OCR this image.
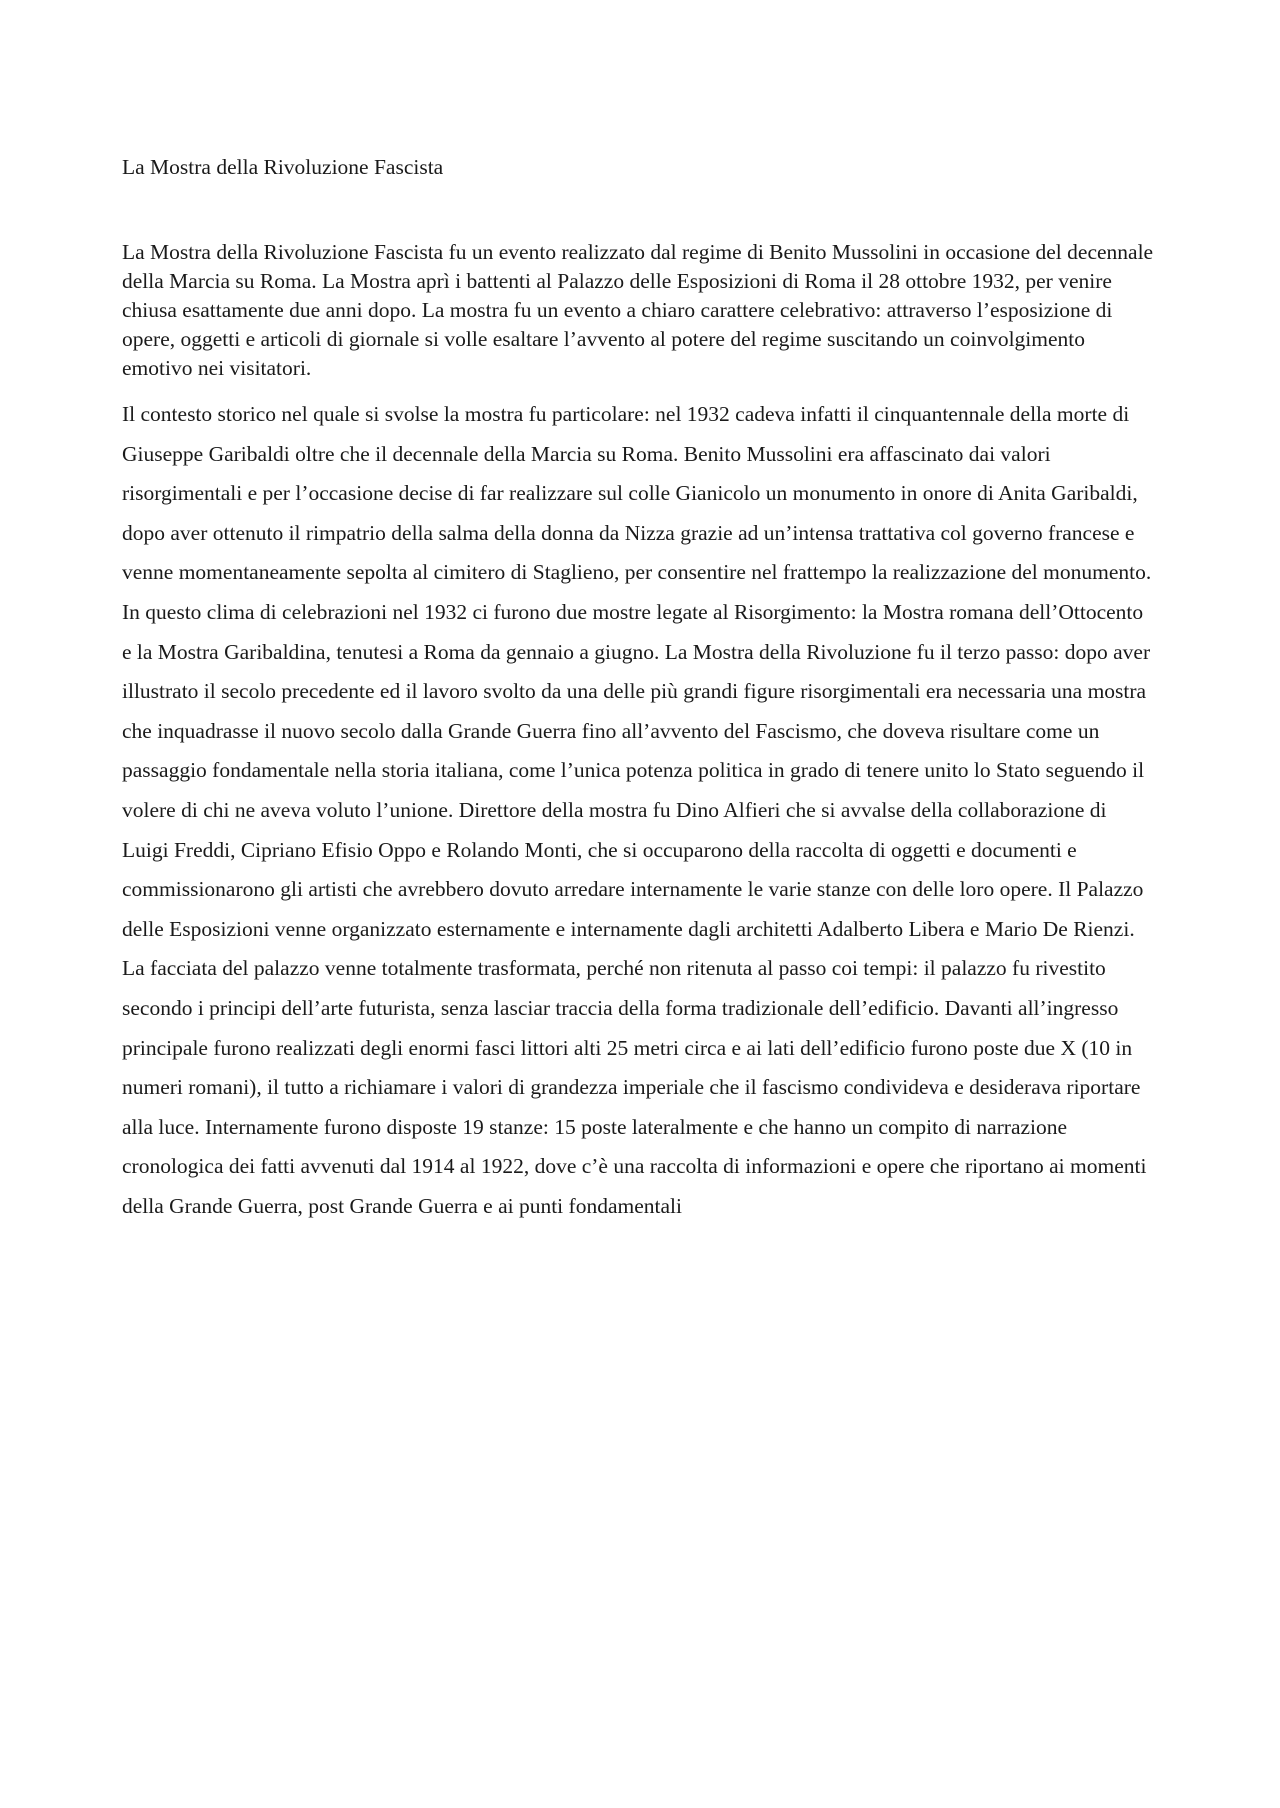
La Mostra della Rivoluzione Fascista

La Mostra della Rivoluzione Fascista fu un evento realizzato dal regime di Benito Mussolini in occasione del decennale della Marcia su Roma. La Mostra aprì i battenti al Palazzo delle Esposizioni di Roma il 28 ottobre 1932, per venire chiusa esattamente due anni dopo. La mostra fu un evento a chiaro carattere celebrativo: attraverso l’esposizione di opere, oggetti e articoli di giornale si volle esaltare l’avvento al potere del regime suscitando un coinvolgimento emotivo nei visitatori.

Il contesto storico nel quale si svolse la mostra fu particolare: nel 1932 cadeva infatti il cinquantennale della morte di Giuseppe Garibaldi oltre che il decennale della Marcia su Roma. Benito Mussolini era affascinato dai valori risorgimentali e per l’occasione decise di far realizzare sul colle Gianicolo un monumento in onore di Anita Garibaldi, dopo aver ottenuto il rimpatrio della salma della donna da Nizza grazie ad un’intensa trattativa col governo francese e venne momentaneamente sepolta al cimitero di Staglieno, per consentire nel frattempo la realizzazione del monumento. In questo clima di celebrazioni nel 1932 ci furono due mostre legate al Risorgimento: la Mostra romana dell’Ottocento e la Mostra Garibaldina, tenutesi a Roma da gennaio a giugno. La Mostra della Rivoluzione fu il terzo passo: dopo aver illustrato il secolo precedente ed il lavoro svolto da una delle più grandi figure risorgimentali era necessaria una mostra che inquadrasse il nuovo secolo dalla Grande Guerra fino all’avvento del Fascismo, che doveva risultare come un passaggio fondamentale nella storia italiana, come l’unica potenza politica in grado di tenere unito lo Stato seguendo il volere di chi ne aveva voluto l’unione. Direttore della mostra fu Dino Alfieri che si avvalse della collaborazione di Luigi Freddi, Cipriano Efisio Oppo e Rolando Monti, che si occuparono della raccolta di oggetti e documenti e commissionarono gli artisti che avrebbero dovuto arredare internamente le varie stanze con delle loro opere. Il Palazzo delle Esposizioni venne organizzato esternamente e internamente dagli architetti Adalberto Libera e Mario De Rienzi. La facciata del palazzo venne totalmente trasformata, perché non ritenuta al passo coi tempi: il palazzo fu rivestito secondo i principi dell’arte futurista, senza lasciar traccia della forma tradizionale dell’edificio. Davanti all’ingresso principale furono realizzati degli enormi fasci littori alti 25 metri circa e ai lati dell’edificio furono poste due X (10 in numeri romani), il tutto a richiamare i valori di grandezza imperiale che il fascismo condivideva e desiderava riportare alla luce. Internamente furono disposte 19 stanze: 15 poste lateralmente e che hanno un compito di narrazione cronologica dei fatti avvenuti dal 1914 al 1922, dove c’è una raccolta di informazioni e opere che riportano ai momenti della Grande Guerra, post Grande Guerra e ai punti fondamentali
